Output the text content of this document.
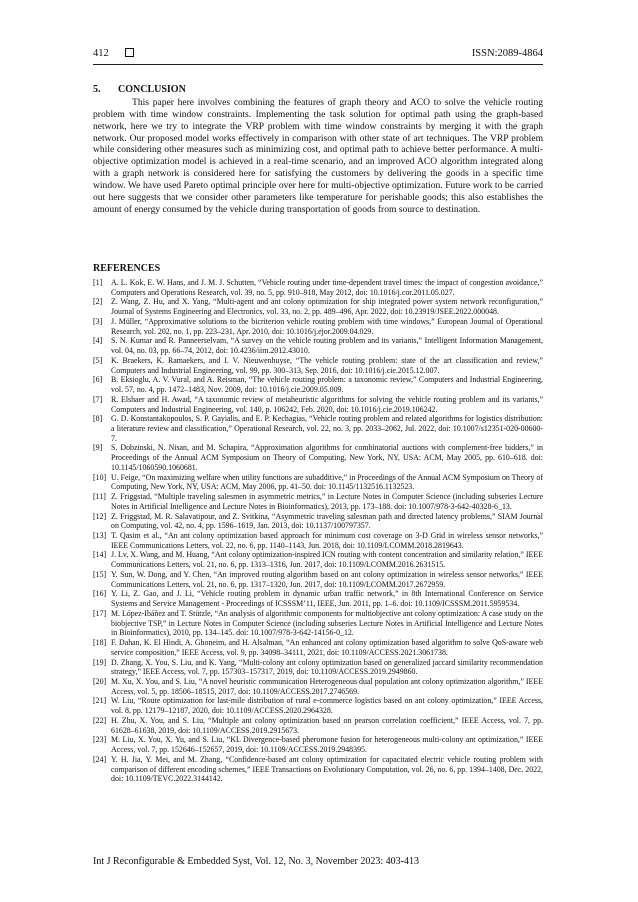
412	ISSN:2089-4864
5. CONCLUSION

This paper here involves combining the features of graph theory and ACO to solve the vehicle routing problem with time window constraints. Implementing the task solution for optimal path using the graph-based network, here we try to integrate the VRP problem with time window constraints by merging it with the graph network. Our proposed model works effectively in comparison with other state of art techniques. The VRP problem while considering other measures such as minimizing cost, and optimal path to achieve better performance. A multi-objective optimization model is achieved in a real-time scenario, and an improved ACO algorithm integrated along with a graph network is considered here for satisfying the customers by delivering the goods in a specific time window. We have used Pareto optimal principle over here for multi-objective optimization. Future work to be carried out here suggests that we consider other parameters like temperature for perishable goods; this also establishes the amount of energy consumed by the vehicle during transportation of goods from source to destination.

REFERENCES
[1] A. L. Kok, E. W. Hans, and J. M. J. Schutten, “Vehicle routing under time-dependent travel times: the impact of congestion avoidance,” Computers and Operations Research, vol. 39, no. 5, pp. 910–918, May 2012, doi: 10.1016/j.cor.2011.05.027.
[2] Z. Wang, Z. Hu, and X. Yang, “Multi-agent and ant colony optimization for ship integrated power system network reconfiguration,” Journal of Systems Engineering and Electronics, vol. 33, no. 2, pp. 489–496, Apr. 2022, doi: 10.23919/JSEE.2022.000048.
[3] J. Müller, “Approximative solutions to the bicriterion vehicle routing problem with time windows,” European Journal of Operational Research, vol. 202, no. 1, pp. 223–231, Apr. 2010, doi: 10.1016/j.ejor.2009.04.029.
[4] S. N. Kumar and R. Panneerselvam, “A survey on the vehicle routing problem and its variants,” Intelligent Information Management, vol. 04, no. 03, pp. 66–74, 2012, doi: 10.4236/iim.2012.43010.
[5] K. Braekers, K. Ramaekers, and I. V. Nieuwenhuyse, “The vehicle routing problem: state of the art classification and review,” Computers and Industrial Engineering, vol. 99, pp. 300–313, Sep. 2016, doi: 10.1016/j.cie.2015.12.007.
[6] B. Eksioglu, A. V. Vural, and A. Reisman, “The vehicle routing problem: a taxonomic review,” Computers and Industrial Engineering, vol. 57, no. 4, pp. 1472–1483, Nov. 2009, doi: 10.1016/j.cie.2009.05.009.
[7] R. Elshaer and H. Awad, “A taxonomic review of metaheuristic algorithms for solving the vehicle routing problem and its variants,” Computers and Industrial Engineering, vol. 140, p. 106242, Feb. 2020, doi: 10.1016/j.cie.2019.106242.
[8] G. D. Konstantakopoulos, S. P. Gayialis, and E. P. Kechagias, “Vehicle routing problem and related algorithms for logistics distribution: a literature review and classification,” Operational Research, vol. 22, no. 3, pp. 2033–2062, Jul. 2022, doi: 10.1007/s12351-020-00600-7.
[9] S. Dobzinski, N. Nisan, and M. Schapira, “Approximation algorithms for combinatorial auctions with complement-free bidders,” in Proceedings of the Annual ACM Symposium on Theory of Computing, New York, NY, USA: ACM, May 2005, pp. 610–618. doi: 10.1145/1060590.1060681.
[10] U. Feige, “On maximizing welfare when utility functions are subadditive,” in Proceedings of the Annual ACM Symposium on Theory of Computing, New York, NY, USA: ACM, May 2006, pp. 41–50. doi: 10.1145/1132516.1132523.
[11] Z. Friggstad, “Multiple traveling salesmen in asymmetric metrics,” in Lecture Notes in Computer Science (including subseries Lecture Notes in Artificial Intelligence and Lecture Notes in Bioinformatics), 2013, pp. 173–188. doi: 10.1007/978-3-642-40328-6_13.
[12] Z. Friggstad, M. R. Salavatipour, and Z. Svitkina, “Asymmetric traveling salesman path and directed latency problems,” SIAM Journal on Computing, vol. 42, no. 4, pp. 1596–1619, Jan. 2013, doi: 10.1137/100797357.
[13] T. Qasim et al., “An ant colony optimization based approach for minimum cost coverage on 3-D Grid in wireless sensor networks,” IEEE Communications Letters, vol. 22, no. 6, pp. 1140–1143, Jun. 2018, doi: 10.1109/LCOMM.2018.2819643.
[14] J. Lv, X. Wang, and M. Huang, “Ant colony optimization-inspired ICN routing with content concentration and similarity relation,” IEEE Communications Letters, vol. 21, no. 6, pp. 1313–1316, Jun. 2017, doi: 10.1109/LCOMM.2016.2631515.
[15] Y. Sun, W. Dong, and Y. Chen, “An improved routing algorithm based on ant colony optimization in wireless sensor networks,” IEEE Communications Letters, vol. 21, no. 6, pp. 1317–1320, Jun. 2017, doi: 10.1109/LCOMM.2017.2672959.
[16] Y. Li, Z. Gao, and J. Li, “Vehicle routing problem in dynamic urban traffic network,” in 8th International Conference on Service Systems and Service Management - Proceedings of ICSSSM’11, IEEE, Jun. 2011, pp. 1–6. doi: 10.1109/ICSSSM.2011.5959534.
[17] M. López-Ibáñez and T. Stützle, “An analysis of algorithmic components for multiobjective ant colony optimization: A case study on the biobjective TSP,” in Lecture Notes in Computer Science (including subseries Lecture Notes in Artificial Intelligence and Lecture Notes in Bioinformatics), 2010, pp. 134–145. doi: 10.1007/978-3-642-14156-0_12.
[18] F. Dahan, K. El Hindi, A. Ghoneim, and H. Alsalman, “An enhanced ant colony optimization based algorithm to solve QoS-aware web service composition,” IEEE Access, vol. 9, pp. 34098–34111, 2021, doi: 10.1109/ACCESS.2021.3061738.
[19] D. Zhang, X. You, S. Liu, and K. Yang, “Multi-colony ant colony optimization based on generalized jaccard similarity recommendation strategy,” IEEE Access, vol. 7, pp. 157303–157317, 2019, doi: 10.1109/ACCESS.2019.2949860.
[20] M. Xu, X. You, and S. Liu, “A novel heuristic communication Heterogeneous dual population ant colony optimization algorithm,” IEEE Access, vol. 5, pp. 18506–18515, 2017, doi: 10.1109/ACCESS.2017.2746569.
[21] W. Liu, “Route optimization for last-mile distribution of rural e-commerce logistics based on ant colony optimization,” IEEE Access, vol. 8, pp. 12179–12187, 2020, doi: 10.1109/ACCESS.2020.2964328.
[22] H. Zhu, X. You, and S. Liu, “Multiple ant colony optimization based on pearson correlation coefficient,” IEEE Access, vol. 7, pp. 61628–61638, 2019, doi: 10.1109/ACCESS.2019.2915673.
[23] M. Liu, X. You, X. Yu, and S. Liu, “KL Divergence-based pheromone fusion for heterogeneous multi-colony ant optimization,” IEEE Access, vol. 7, pp. 152646–152657, 2019, doi: 10.1109/ACCESS.2019.2948395.
[24] Y. H. Jia, Y. Mei, and M. Zhang, “Confidence-based ant colony optimization for capacitated electric vehicle routing problem with comparison of different encoding schemes,” IEEE Transactions on Evolutionary Computation, vol. 26, no. 6, pp. 1394–1408, Dec. 2022, doi: 10.1109/TEVC.2022.3144142.
Int J Reconfigurable & Embedded Syst, Vol. 12, No. 3, November 2023: 403-413
